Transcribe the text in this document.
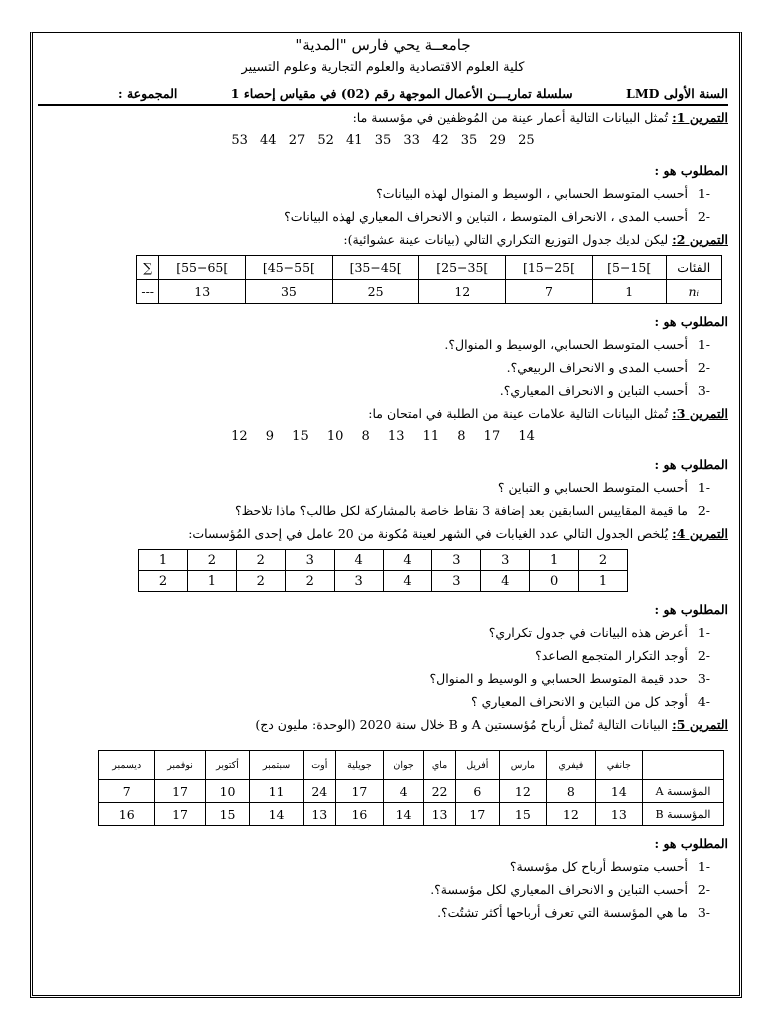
جامعــة يحي فارس "المدية"
كلية العلوم الاقتصادية والعلوم التجارية وعلوم التسيير
السنة الأولى LMD
سلسلة تماريـــن الأعمال الموجهة رقم (02) في مقياس إحصاء 1
المجموعة :
التمرين 1: تُمثل البيانات التالية أعمار عينة من المُوظفين في مؤسسة ما:
53 44 27 52 41 35 33 42 35 29 25
المطلوب هو :
-1أحسب المتوسط الحسابي ، الوسيط و المنوال لهذه البيانات؟
-2أحسب المدى ، الانحراف المتوسط ، التباين و الانحراف المعياري لهذه البيانات؟
التمرين 2: ليكن لديك جدول التوزيع التكراري التالي (بيانات عينة عشوائية):
الفئات	[5−15[	[15−25[	[25−35[	[35−45[	[45−55[	[55−65[	∑
nᵢ	1	7	12	25	35	13	---
المطلوب هو :
-1أحسب المتوسط الحسابي، الوسيط و المنوال؟.
-2أحسب المدى و الانحراف الربيعي؟.
-3أحسب التباين و الانحراف المعياري؟.
التمرين 3: تُمثل البيانات التالية علامات عينة من الطلبة في امتحان ما:
12 9 15 10 8 13 11 8 17 14
المطلوب هو :
-1أحسب المتوسط الحسابي و التباين ؟
-2ما قيمة المقاييس السابقين بعد إضافة 3 نقاط خاصة بالمشاركة لكل طالب؟ ماذا تلاحظ؟
التمرين 4: يُلخص الجدول التالي عدد الغيابات في الشهر لعينة مُكونة من 20 عامل في إحدى المُؤسسات:
2	1	3	3	4	4	3	2	2	1
1	0	4	3	4	3	2	2	1	2
المطلوب هو :
-1أعرض هذه البيانات في جدول تكراري؟
-2أوجد التكرار المتجمع الصاعد؟
-3حدد قيمة المتوسط الحسابي و الوسيط و المنوال؟
-4أوجد كل من التباين و الانحراف المعياري ؟
التمرين 5: البيانات التالية تُمثل أرباح مُؤسستين A و B خلال سنة 2020 (الوحدة: مليون دج)
	جانفي	فيفري	مارس	أفريل	ماي	جوان	جويلية	أوت	سبتمبر	أكتوبر	نوفمبر	ديسمبر
المؤسسة A	14	8	12	6	22	4	17	24	11	10	17	7
المؤسسة B	13	12	15	17	13	14	16	13	14	15	17	16
المطلوب هو :
-1أحسب متوسط أرباح كل مؤسسة؟
-2أحسب التباين و الانحراف المعياري لكل مؤسسة؟.
-3ما هي المؤسسة التي تعرف أرباحها أكثر تشتُت؟.
